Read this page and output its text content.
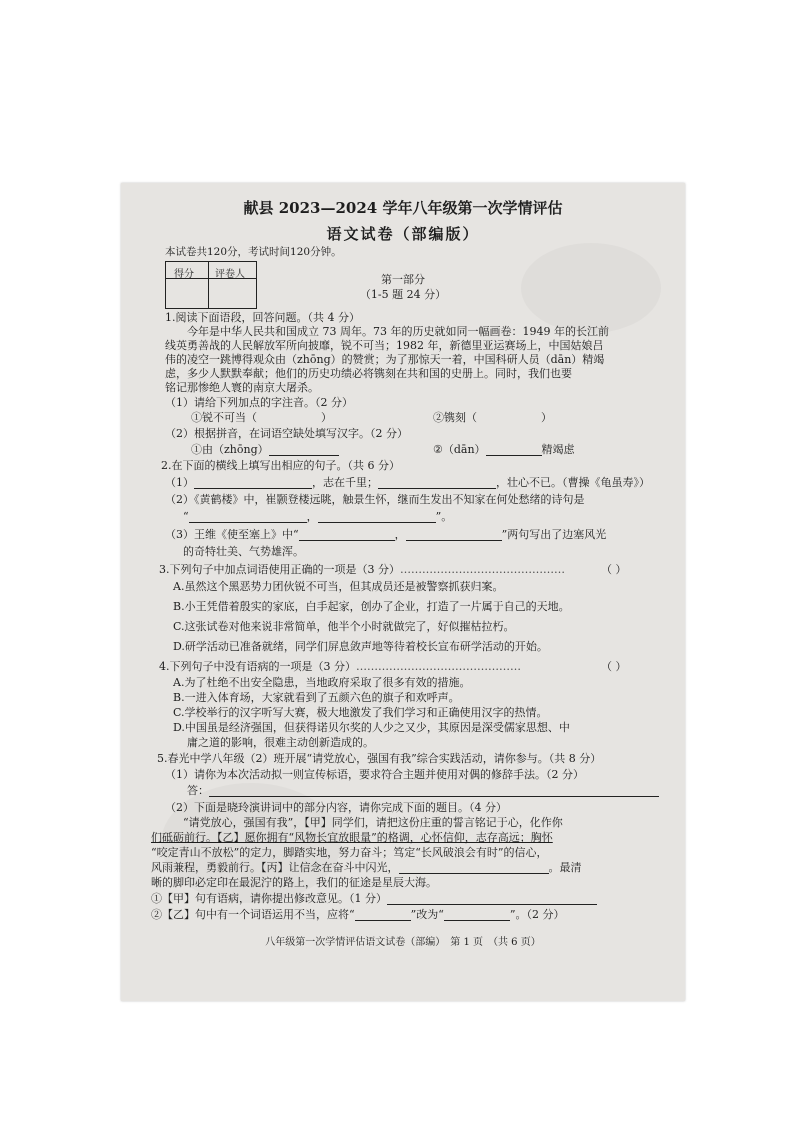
献县 2023—2024 学年八年级第一次学情评估
语文试卷（部编版）
本试卷共120分，考试时间120分钟。
得分 评卷人	第一部分
（1-5 题 24 分）
1.阅读下面语段，回答问题。（共 4 分）
今年是中华人民共和国成立 73 周年。73 年的历史就如同一幅画卷：1949 年的长江前
线英勇善战的人民解放军所向披靡，锐不可当；1982 年，新德里亚运赛场上，中国姑娘吕
伟的凌空一跳博得观众由（zhōng）的赞赏；为了那惊天一着，中国科研人员（dān）精竭
虑，多少人默默奉献；他们的历史功绩必将镌刻在共和国的史册上。同时，我们也要
铭记那惨绝人寰的南京大屠杀。
（1）请给下列加点的字注音。（2 分）
①锐不可当（	）	②镌刻（	）
（2）根据拼音，在词语空缺处填写汉字。（2 分）
①由（zhōng）	②（dān）	精竭虑
2.在下面的横线上填写出相应的句子。（共 6 分）
（1）	，志在千里；	，壮心不已。（曹操《龟虽寿》）
（2）《黄鹤楼》中，崔颢登楼远眺，触景生怀，继而生发出不知家在何处愁绪的诗句是
“	，	”。
（3）王维《使至塞上》中“	，	”两句写出了边塞风光
的奇特壮美、气势雄浑。
3.下列句子中加点词语使用正确的一项是（3 分）………………………………………	（ ）
A.虽然这个黑恶势力团伙锐不可当，但其成员还是被警察抓获归案。
B.小王凭借着殷实的家底，白手起家，创办了企业，打造了一片属于自己的天地。
C.这张试卷对他来说非常简单，他半个小时就做完了，好似摧枯拉朽。
D.研学活动已准备就绪，同学们屏息敛声地等待着校长宣布研学活动的开始。
4.下列句子中没有语病的一项是（3 分）………………………………………	（ ）
A.为了杜绝不出安全隐患，当地政府采取了很多有效的措施。
B.一进入体育场，大家就看到了五颜六色的旗子和欢呼声。
C.学校举行的汉字听写大赛，极大地激发了我们学习和正确使用汉字的热情。
D.中国虽是经济强国，但获得诺贝尔奖的人少之又少，其原因是深受儒家思想、中
庸之道的影响，很难主动创新造成的。
5.春光中学八年级（2）班开展“请党放心，强国有我”综合实践活动，请你参与。（共 8 分）
（1）请你为本次活动拟一则宣传标语，要求符合主题并使用对偶的修辞手法。（2 分）
答：
（2）下面是晓玲演讲词中的部分内容，请你完成下面的题目。（4 分）
“请党放心，强国有我”，【甲】同学们，请把这份庄重的誓言铭记于心，化作你
们砥砺前行。【乙】愿你拥有“风物长宜放眼量”的格调，心怀信仰，志存高远；胸怀
“咬定青山不放松”的定力，脚踏实地，努力奋斗；笃定“长风破浪会有时”的信心，
风雨兼程，勇毅前行。【丙】让信念在奋斗中闪光，	。最清
晰的脚印必定印在最泥泞的路上，我们的征途是星辰大海。
①【甲】句有语病，请你提出修改意见。（1 分）
②【乙】句中有一个词语运用不当，应将“	”改为“	”。（2 分）
八年级第一次学情评估语文试卷（部编）　第 1 页　（共 6 页）
